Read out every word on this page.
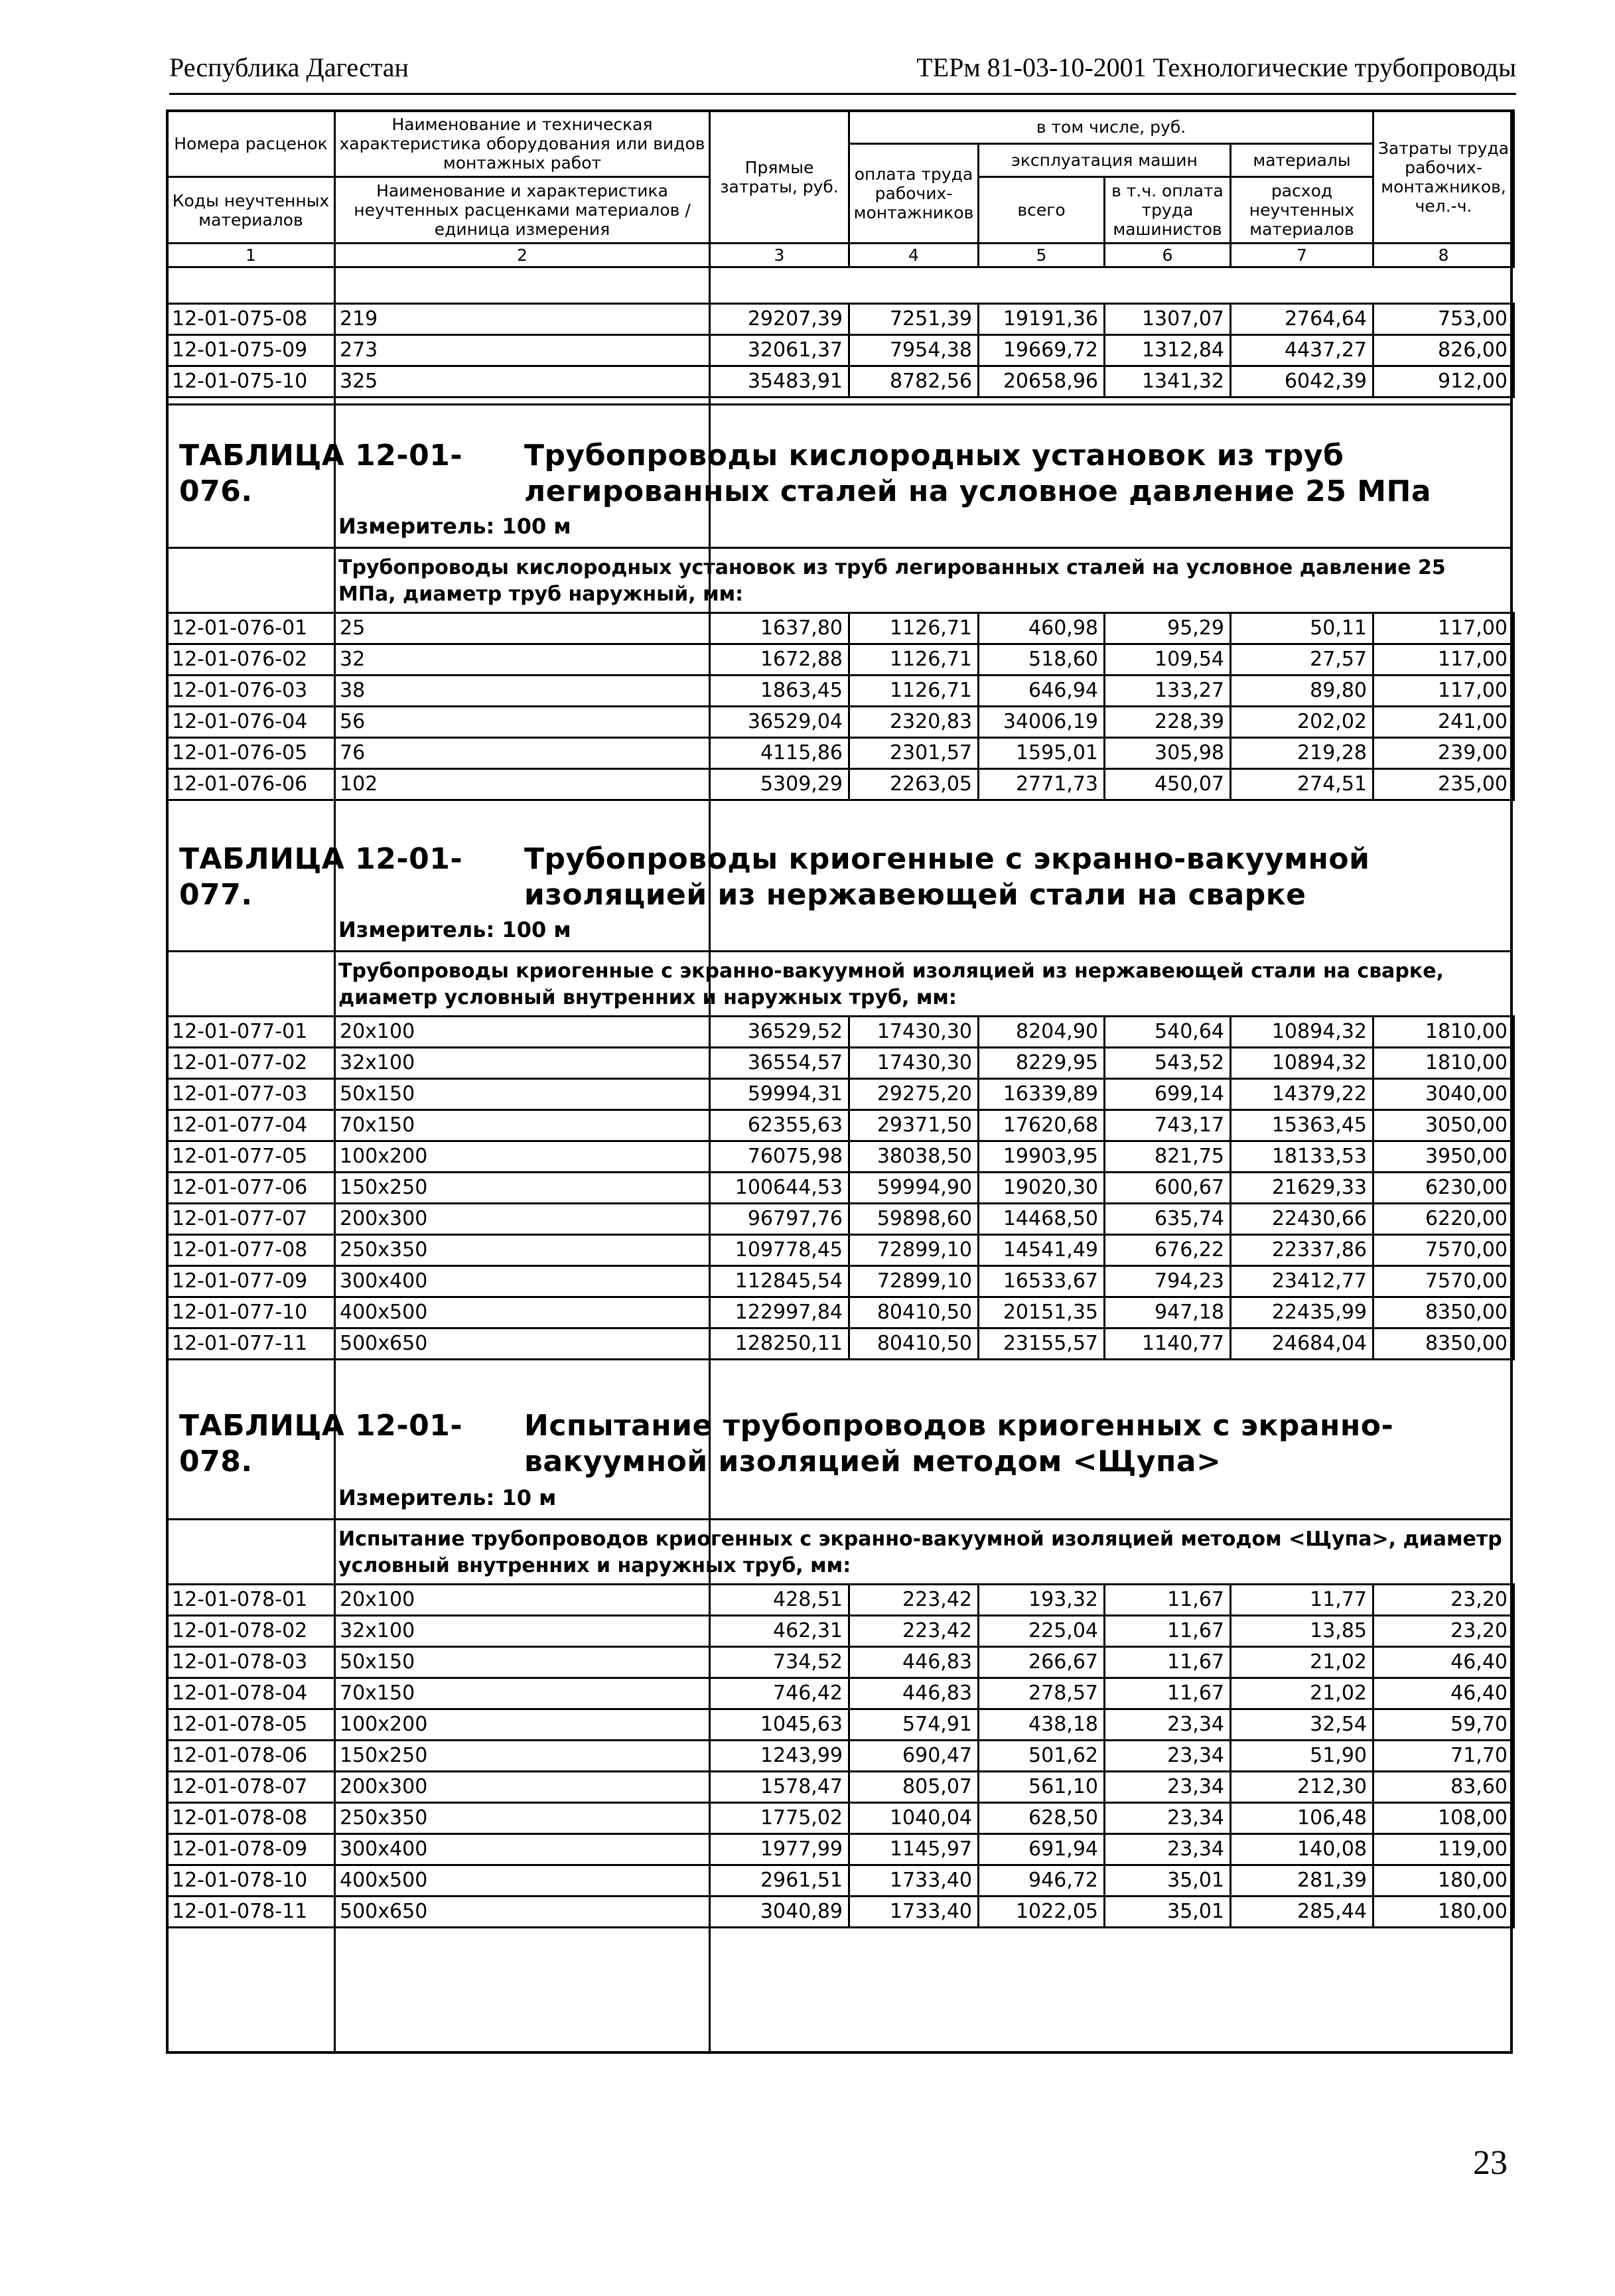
Республика Дагестан	ТЕРм 81-03-10-2001 Технологические трубопроводы
Номера расценок	Наименование и техническая характеристика оборудования или видов монтажных работ	Прямые затраты, руб.	в том числе, руб.				Затраты труда рабочих-монтажников, чел.-ч.
			оплата труда рабочих-монтажников	эксплуатация машин		материалы	
Коды неучтенных материалов	Наименование и характеристика неучтенных расценками материалов / единица измерения			всего	в т.ч. оплата труда машинистов	расход неучтенных материалов	
1	2	3	4	5	6	7	8
12-01-075-08	219	29207,39	7251,39	19191,36	1307,07	2764,64	753,00
12-01-075-09	273	32061,37	7954,38	19669,72	1312,84	4437,27	826,00
12-01-075-10	325	35483,91	8782,56	20658,96	1341,32	6042,39	912,00
ТАБЛИЦА 12-01-076.Трубопроводы кислородных установок из труб легированных сталей на условное давление 25 МПа
Измеритель: 100 м
Трубопроводы кислородных установок из труб легированных сталей на условное давление 25 МПа, диаметр труб наружный, мм:
12-01-076-01	25	1637,80	1126,71	460,98	95,29	50,11	117,00
12-01-076-02	32	1672,88	1126,71	518,60	109,54	27,57	117,00
12-01-076-03	38	1863,45	1126,71	646,94	133,27	89,80	117,00
12-01-076-04	56	36529,04	2320,83	34006,19	228,39	202,02	241,00
12-01-076-05	76	4115,86	2301,57	1595,01	305,98	219,28	239,00
12-01-076-06	102	5309,29	2263,05	2771,73	450,07	274,51	235,00
ТАБЛИЦА 12-01-077.Трубопроводы криогенные с экранно-вакуумной изоляцией из нержавеющей стали на сварке
Измеритель: 100 м
Трубопроводы криогенные с экранно-вакуумной изоляцией из нержавеющей стали на сварке, диаметр условный внутренних и наружных труб, мм:
12-01-077-01	20x100	36529,52	17430,30	8204,90	540,64	10894,32	1810,00
12-01-077-02	32x100	36554,57	17430,30	8229,95	543,52	10894,32	1810,00
12-01-077-03	50x150	59994,31	29275,20	16339,89	699,14	14379,22	3040,00
12-01-077-04	70x150	62355,63	29371,50	17620,68	743,17	15363,45	3050,00
12-01-077-05	100x200	76075,98	38038,50	19903,95	821,75	18133,53	3950,00
12-01-077-06	150x250	100644,53	59994,90	19020,30	600,67	21629,33	6230,00
12-01-077-07	200x300	96797,76	59898,60	14468,50	635,74	22430,66	6220,00
12-01-077-08	250x350	109778,45	72899,10	14541,49	676,22	22337,86	7570,00
12-01-077-09	300x400	112845,54	72899,10	16533,67	794,23	23412,77	7570,00
12-01-077-10	400x500	122997,84	80410,50	20151,35	947,18	22435,99	8350,00
12-01-077-11	500x650	128250,11	80410,50	23155,57	1140,77	24684,04	8350,00
ТАБЛИЦА 12-01-078.Испытание трубопроводов криогенных с экранно-вакуумной изоляцией методом <Щупа>
Измеритель: 10 м
Испытание трубопроводов криогенных с экранно-вакуумной изоляцией методом <Щупа>, диаметр условный внутренних и наружных труб, мм:
12-01-078-01	20x100	428,51	223,42	193,32	11,67	11,77	23,20
12-01-078-02	32x100	462,31	223,42	225,04	11,67	13,85	23,20
12-01-078-03	50x150	734,52	446,83	266,67	11,67	21,02	46,40
12-01-078-04	70x150	746,42	446,83	278,57	11,67	21,02	46,40
12-01-078-05	100x200	1045,63	574,91	438,18	23,34	32,54	59,70
12-01-078-06	150x250	1243,99	690,47	501,62	23,34	51,90	71,70
12-01-078-07	200x300	1578,47	805,07	561,10	23,34	212,30	83,60
12-01-078-08	250x350	1775,02	1040,04	628,50	23,34	106,48	108,00
12-01-078-09	300x400	1977,99	1145,97	691,94	23,34	140,08	119,00
12-01-078-10	400x500	2961,51	1733,40	946,72	35,01	281,39	180,00
12-01-078-11	500x650	3040,89	1733,40	1022,05	35,01	285,44	180,00
23
